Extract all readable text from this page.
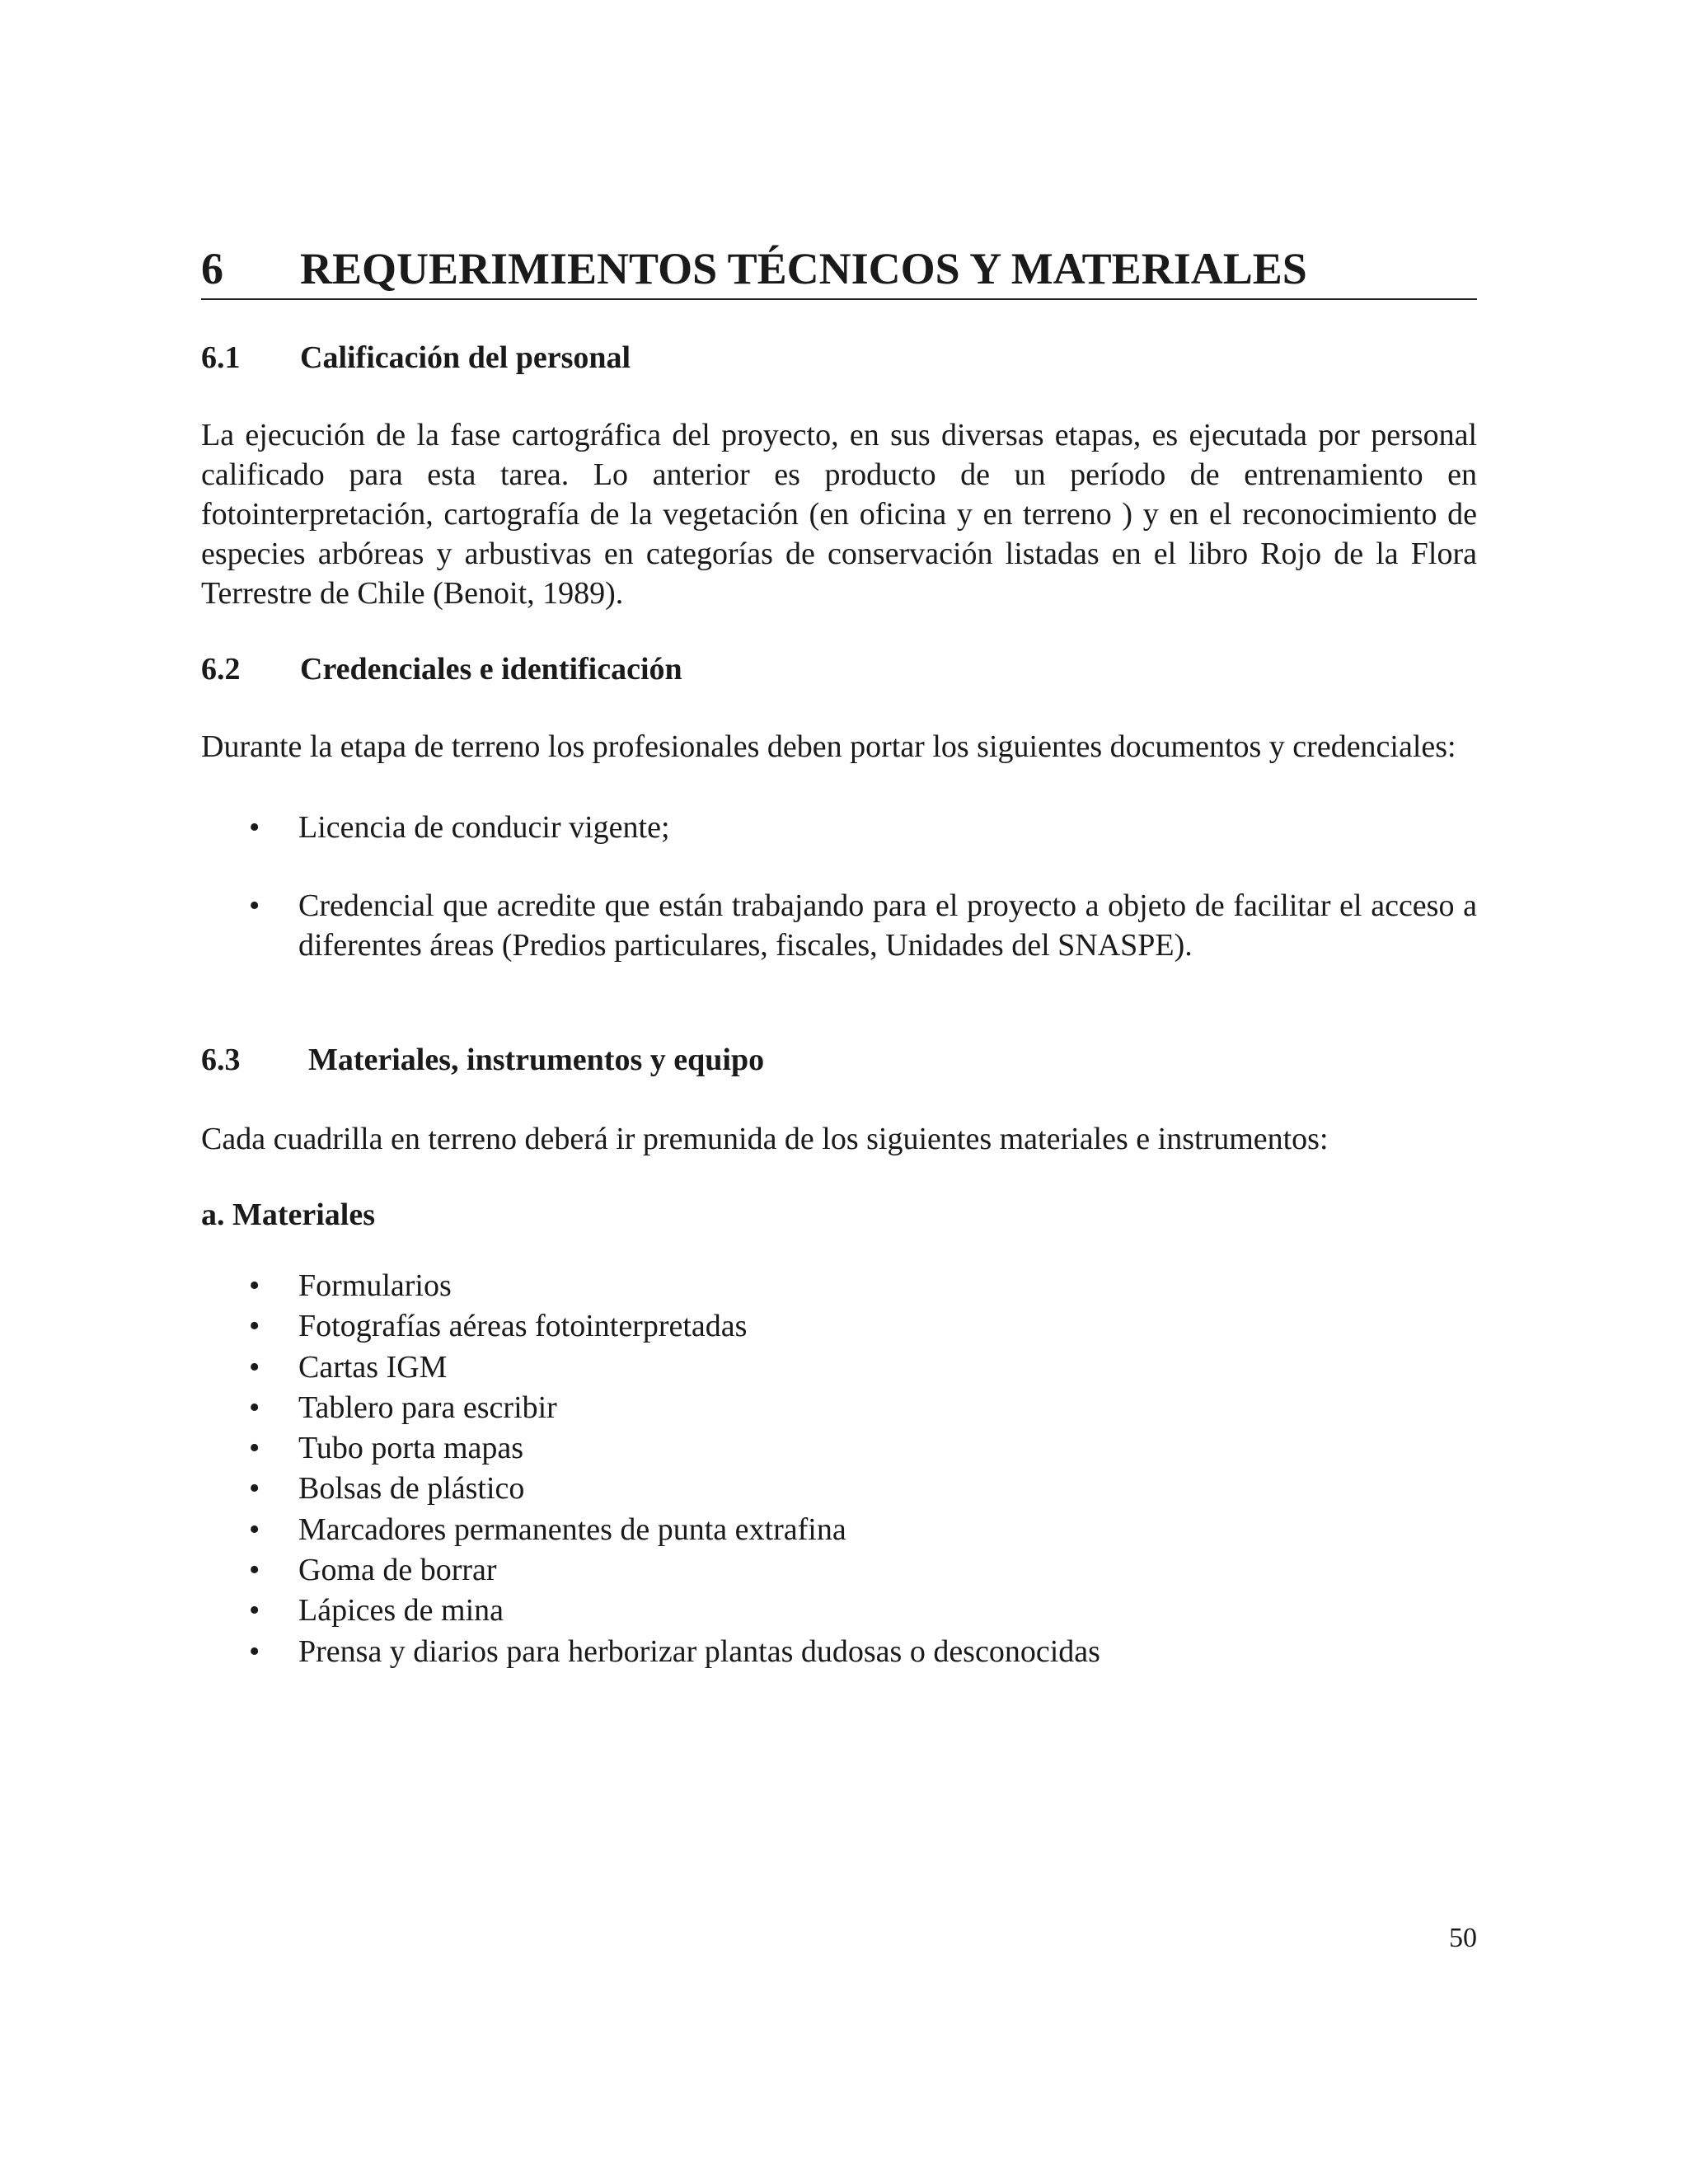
6 REQUERIMIENTOS TÉCNICOS Y MATERIALES
6.1 Calificación del personal

La ejecución de la fase cartográfica del proyecto, en sus diversas etapas, es ejecutada por personal calificado para esta tarea. Lo anterior es producto de un período de entrenamiento en fotointerpretación, cartografía de la vegetación (en oficina y en terreno ) y en el reconocimiento de especies arbóreas y arbustivas en categorías de conservación listadas en el libro Rojo de la Flora Terrestre de Chile (Benoit, 1989).

6.2 Credenciales e identificación
Durante la etapa de terreno los profesionales deben portar los siguientes documentos y credenciales:
• Licencia de conducir vigente;
• Credencial que acredite que están trabajando para el proyecto a objeto de facilitar el acceso a diferentes áreas (Predios particulares, fiscales, Unidades del SNASPE).
6.3 Materiales, instrumentos y equipo
Cada cuadrilla en terreno deberá ir premunida de los siguientes materiales e instrumentos:
a. Materiales
• Formularios
• Fotografías aéreas fotointerpretadas
• Cartas IGM
• Tablero para escribir
• Tubo porta mapas
• Bolsas de plástico
• Marcadores permanentes de punta extrafina
• Goma de borrar
• Lápices de mina
• Prensa y diarios para herborizar plantas dudosas o desconocidas
50
